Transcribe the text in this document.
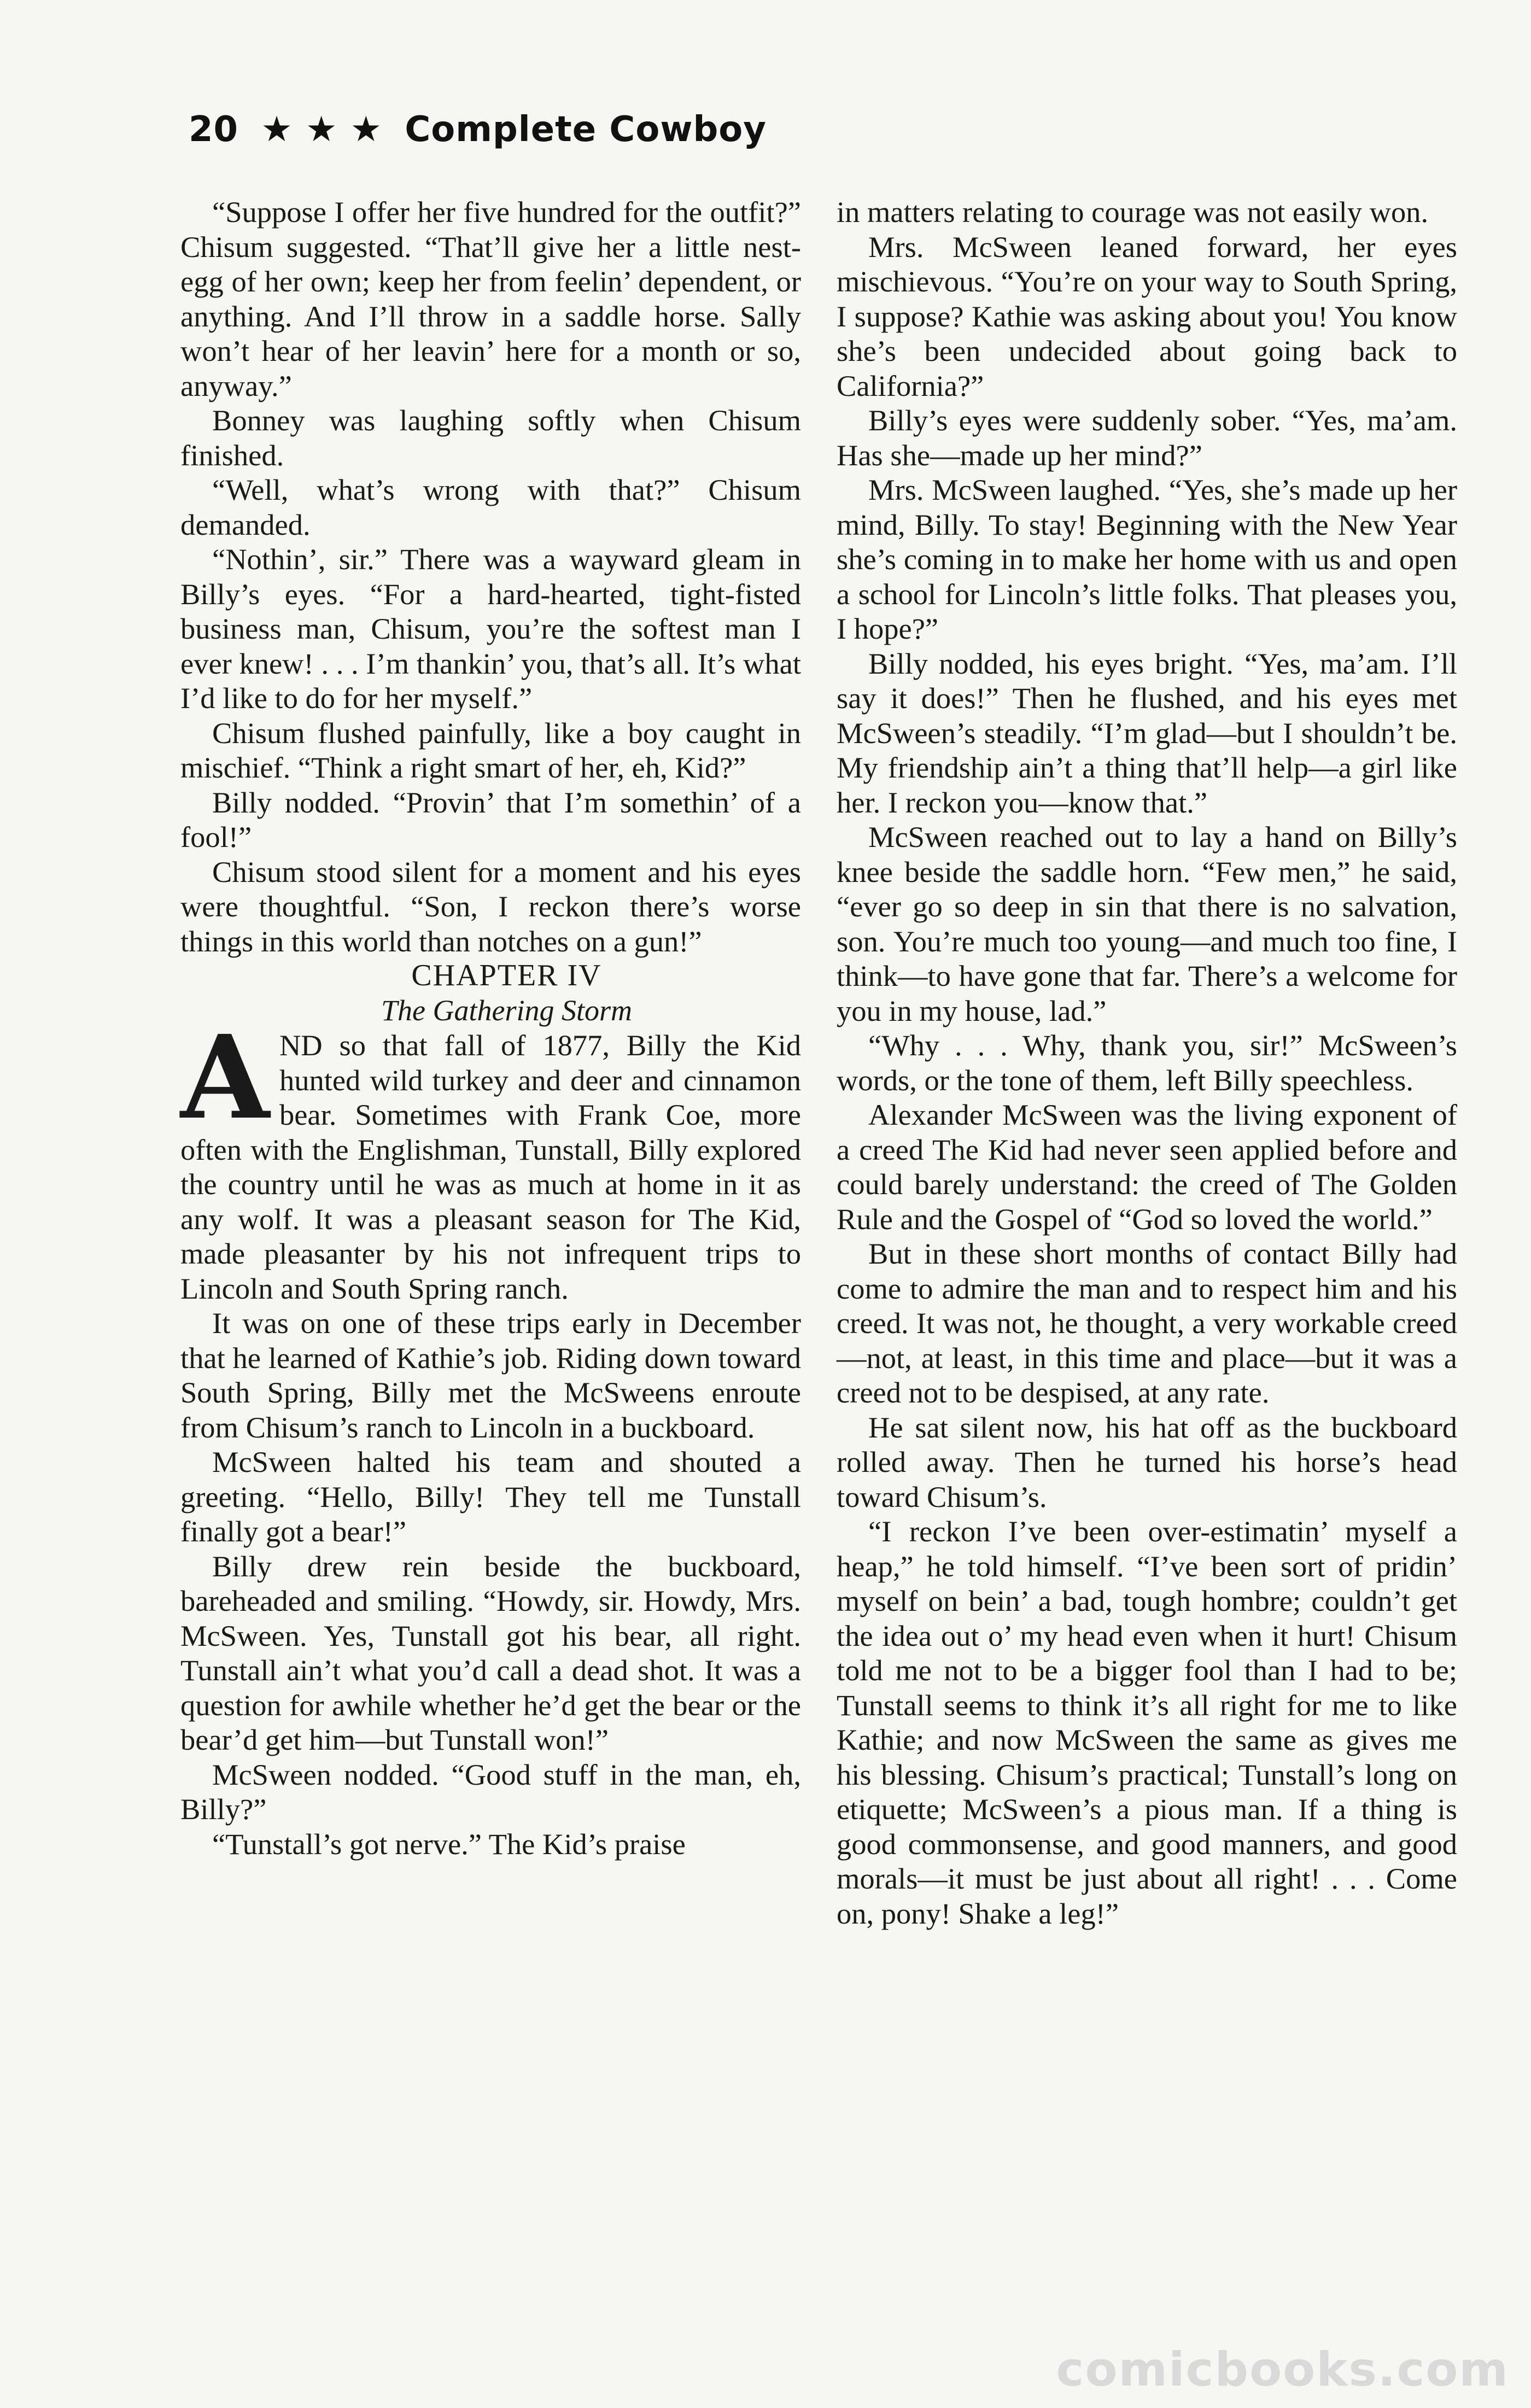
20 ★ ★ ★ Complete Cowboy

“Suppose I offer her five hundred for the outfit?” Chisum suggested. “That’ll give her a little nest-egg of her own; keep her from feelin’ dependent, or anything. And I’ll throw in a saddle horse. Sally won’t hear of her leavin’ here for a month or so, anyway.”

Bonney was laughing softly when Chisum finished.

“Well, what’s wrong with that?” Chisum demanded.

“Nothin’, sir.” There was a wayward gleam in Billy’s eyes. “For a hard-hearted, tight-fisted business man, Chisum, you’re the softest man I ever knew! . . . I’m thankin’ you, that’s all. It’s what I’d like to do for her myself.”

Chisum flushed painfully, like a boy caught in mischief. “Think a right smart of her, eh, Kid?”

Billy nodded. “Provin’ that I’m somethin’ of a fool!”

Chisum stood silent for a moment and his eyes were thoughtful. “Son, I reckon there’s worse things in this world than notches on a gun!”

CHAPTER IV

The Gathering Storm

AND so that fall of 1877, Billy the Kid hunted wild turkey and deer and cinnamon bear. Sometimes with Frank Coe, more often with the Englishman, Tunstall, Billy explored the country until he was as much at home in it as any wolf. It was a pleasant season for The Kid, made pleasanter by his not infrequent trips to Lincoln and South Spring ranch.

It was on one of these trips early in December that he learned of Kathie’s job. Riding down toward South Spring, Billy met the McSweens enroute from Chisum’s ranch to Lincoln in a buckboard.

McSween halted his team and shouted a greeting. “Hello, Billy! They tell me Tunstall finally got a bear!”

Billy drew rein beside the buckboard, bareheaded and smiling. “Howdy, sir. Howdy, Mrs. McSween. Yes, Tunstall got his bear, all right. Tunstall ain’t what you’d call a dead shot. It was a question for awhile whether he’d get the bear or the bear’d get him—but Tunstall won!”

McSween nodded. “Good stuff in the man, eh, Billy?”

“Tunstall’s got nerve.” The Kid’s praise

in matters relating to courage was not easily won.

Mrs. McSween leaned forward, her eyes mischievous. “You’re on your way to South Spring, I suppose? Kathie was asking about you! You know she’s been undecided about going back to California?”

Billy’s eyes were suddenly sober. “Yes, ma’am. Has she—made up her mind?”

Mrs. McSween laughed. “Yes, she’s made up her mind, Billy. To stay! Beginning with the New Year she’s coming in to make her home with us and open a school for Lincoln’s little folks. That pleases you, I hope?”

Billy nodded, his eyes bright. “Yes, ma’am. I’ll say it does!” Then he flushed, and his eyes met McSween’s steadily. “I’m glad—but I shouldn’t be. My friendship ain’t a thing that’ll help—a girl like her. I reckon you—know that.”

McSween reached out to lay a hand on Billy’s knee beside the saddle horn. “Few men,” he said, “ever go so deep in sin that there is no salvation, son. You’re much too young—and much too fine, I think—to have gone that far. There’s a welcome for you in my house, lad.”

“Why . . . Why, thank you, sir!” McSween’s words, or the tone of them, left Billy speechless.

Alexander McSween was the living exponent of a creed The Kid had never seen applied before and could barely understand: the creed of The Golden Rule and the Gospel of “God so loved the world.”

But in these short months of contact Billy had come to admire the man and to respect him and his creed. It was not, he thought, a very workable creed—not, at least, in this time and place—but it was a creed not to be despised, at any rate.

He sat silent now, his hat off as the buckboard rolled away. Then he turned his horse’s head toward Chisum’s.

“I reckon I’ve been over-estimatin’ myself a heap,” he told himself. “I’ve been sort of pridin’ myself on bein’ a bad, tough hombre; couldn’t get the idea out o’ my head even when it hurt! Chisum told me not to be a bigger fool than I had to be; Tunstall seems to think it’s all right for me to like Kathie; and now McSween the same as gives me his blessing. Chisum’s practical; Tunstall’s long on etiquette; McSween’s a pious man. If a thing is good commonsense, and good manners, and good morals—it must be just about all right! . . . Come on, pony! Shake a leg!”

comicbooks.com
